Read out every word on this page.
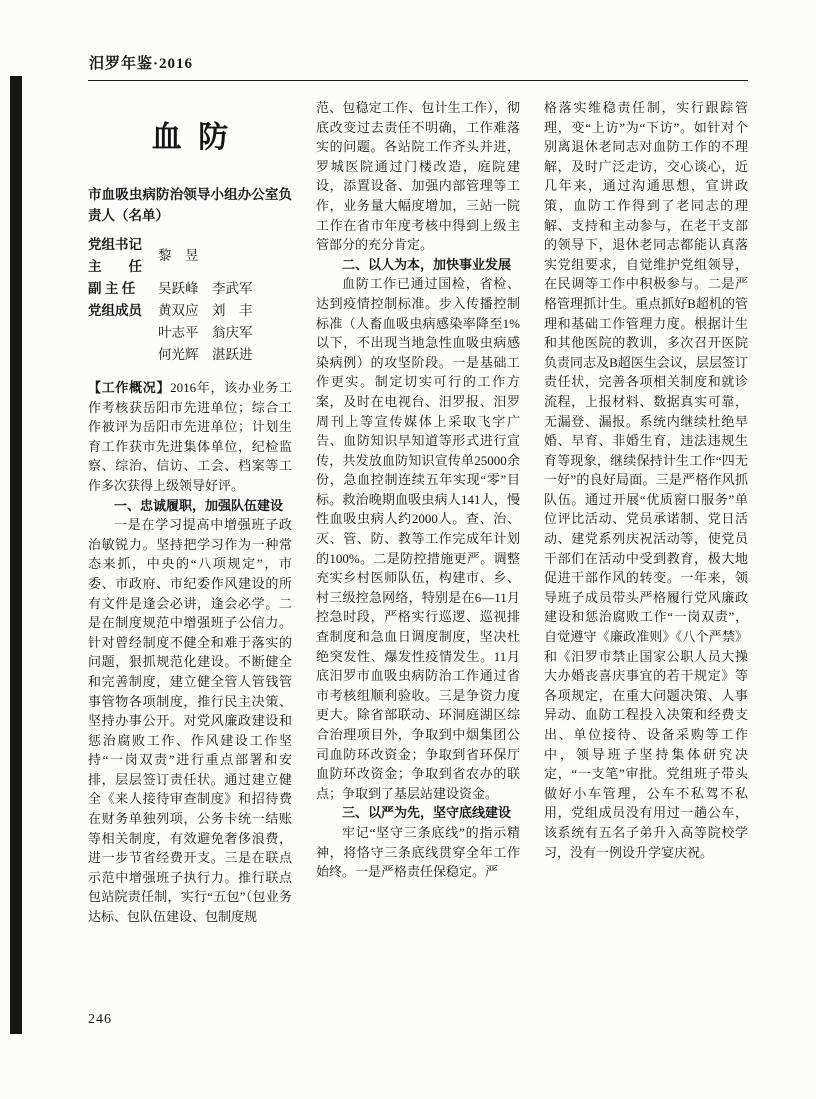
汨罗年鉴·2016
血防
市血吸虫病防治领导小组办公室负责人（名单）
党组书记
主　　任
黎　昱
副 主 任	吴跃峰　李武军
党组成员	黄双应　刘　丰
叶志平　翁庆军
何光辉　湛跃进

【工作概况】2016年，该办业务工作考核获岳阳市先进单位；综合工作被评为岳阳市先进单位；计划生育工作获市先进集体单位，纪检监察、综治、信访、工会、档案等工作多次获得上级领导好评。

一、忠诚履职，加强队伍建设

一是在学习提高中增强班子政治敏锐力。坚持把学习作为一种常态来抓，中央的“八项规定”，市委、市政府、市纪委作风建设的所有文件是逢会必讲，逢会必学。二是在制度规范中增强班子公信力。针对曾经制度不健全和难于落实的问题，狠抓规范化建设。不断健全和完善制度，建立健全管人管钱管事管物各项制度，推行民主决策、坚持办事公开。对党风廉政建设和惩治腐败工作、作风建设工作坚持“一岗双责”进行重点部署和安排，层层签订责任状。通过建立健全《来人接待审查制度》和招待费在财务单独列项，公务卡统一结账等相关制度，有效避免奢侈浪费，进一步节省经费开支。三是在联点示范中增强班子执行力。推行联点包站院责任制，实行“五包”（包业务达标、包队伍建设、包制度规

范、包稳定工作、包计生工作），彻底改变过去责任不明确，工作难落实的问题。各站院工作齐头并进，罗城医院通过门楼改造，庭院建设，添置设备、加强内部管理等工作，业务量大幅度增加，三站一院工作在省市年度考核中得到上级主管部分的充分肯定。

二、以人为本，加快事业发展

血防工作已通过国检，省检、达到疫情控制标准。步入传播控制标准（人畜血吸虫病感染率降至1%以下，不出现当地急性血吸虫病感染病例）的攻坚阶段。一是基础工作更实。制定切实可行的工作方案，及时在电视台、汨罗报、汨罗周刊上等宣传媒体上采取飞字广告、血防知识早知道等形式进行宣传，共发放血防知识宣传单25000余份，急血控制连续五年实现“零”目标。救治晚期血吸虫病人141人，慢性血吸虫病人约2000人。查、治、灭、管、防、教等工作完成年计划的100%。二是防控措施更严。调整充实乡村医师队伍，构建市、乡、村三级控急网络，特别是在6—11月控急时段，严格实行巡逻、巡视排查制度和急血日调度制度，坚决杜绝突发性、爆发性疫情发生。11月底汨罗市血吸虫病防治工作通过省市考核组顺利验收。三是争资力度更大。除省部联动、环洞庭湖区综合治理项目外，争取到中烟集团公司血防环改资金；争取到省环保厅血防环改资金；争取到省农办的联点；争取到了基层站建设资金。

三、以严为先，坚守底线建设

牢记“坚守三条底线”的指示精神，将恪守三条底线贯穿全年工作始终。一是严格责任保稳定。严

格落实维稳责任制，实行跟踪管理，变“上访”为“下访”。如针对个别离退休老同志对血防工作的不理解，及时广泛走访，交心谈心，近几年来，通过沟通思想，宣讲政策，血防工作得到了老同志的理解、支持和主动参与，在老干支部的领导下，退休老同志都能认真落实党组要求，自觉维护党组领导，在民调等工作中积极参与。二是严格管理抓计生。重点抓好B超机的管理和基础工作管理力度。根据计生和其他医院的教训，多次召开医院负责同志及B超医生会议，层层签订责任状，完善各项相关制度和就诊流程，上报材料、数据真实可靠，无漏登、漏报。系统内继续杜绝早婚、早育、非婚生育，违法违规生育等现象，继续保持计生工作“四无一好”的良好局面。三是严格作风抓队伍。通过开展“优质窗口服务”单位评比活动、党员承诺制、党日活动、建党系列庆祝活动等，使党员干部们在活动中受到教育，极大地促进干部作风的转变。一年来，领导班子成员带头严格履行党风廉政建设和惩治腐败工作“一岗双责”，自觉遵守《廉政准则》《八个严禁》和《汨罗市禁止国家公职人员大操大办婚丧喜庆事宜的若干规定》等各项规定，在重大问题决策、人事异动、血防工程投入决策和经费支出、单位接待、设备采购等工作中，领导班子坚持集体研究决定，“一支笔”审批。党组班子带头做好小车管理，公车不私驾不私用，党组成员没有用过一趟公车，该系统有五名子弟升入高等院校学习，没有一例设升学宴庆祝。

246
